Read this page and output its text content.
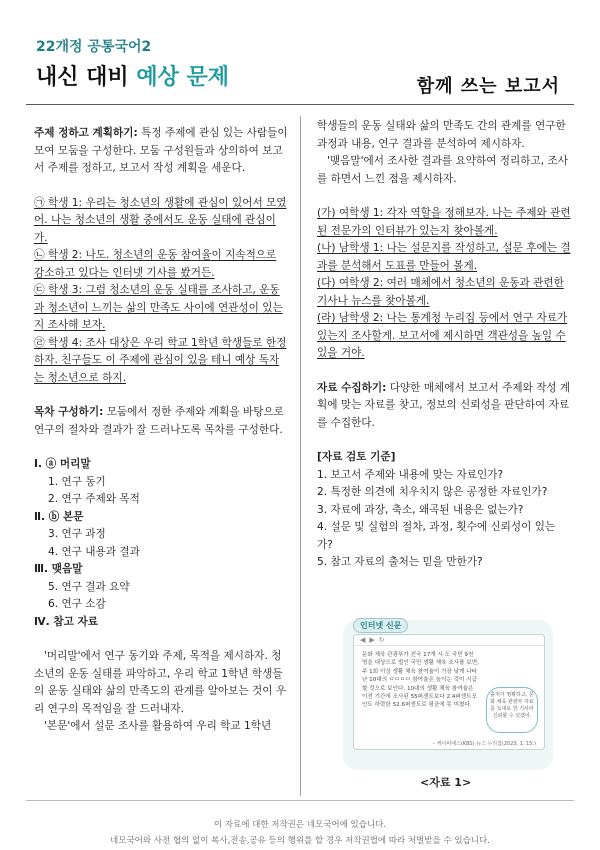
22개정 공통국어2
내신 대비 예상 문제	함께 쓰는 보고서

주제 정하고 계획하기: 특정 주제에 관심 있는 사람들이 모여 모둠을 구성한다. 모둠 구성원들과 상의하여 보고서 주제를 정하고, 보고서 작성 계획을 세운다.

㉠ 학생 1: 우리는 청소년의 생활에 관심이 있어서 모였어. 나는 청소년의 생활 중에서도 운동 실태에 관심이 가.

㉡ 학생 2: 나도. 청소년의 운동 참여율이 지속적으로 감소하고 있다는 인터넷 기사를 봤거든.

㉢ 학생 3: 그럼 청소년의 운동 실태를 조사하고, 운동과 청소년이 느끼는 삶의 만족도 사이에 연관성이 있는지 조사해 보자.

㉣ 학생 4: 조사 대상은 우리 학교 1학년 학생들로 한정하자. 친구들도 이 주제에 관심이 있을 테니 예상 독자는 청소년으로 하지.

목차 구성하기: 모둠에서 정한 주제와 계획을 바탕으로 연구의 절차와 결과가 잘 드러나도록 목차를 구성한다.

Ⅰ. ⓐ 머리말

1. 연구 동기

2. 연구 주제와 목적

Ⅱ. ⓑ 본문

3. 연구 과정

4. 연구 내용과 결과

Ⅲ. 맺음말

5. 연구 결과 요약

6. 연구 소감

Ⅳ. 참고 자료

'머리말'에서 연구 동기와 주제, 목적을 제시하자. 청소년의 운동 실태를 파악하고, 우리 학교 1학년 학생들의 운동 실태와 삶의 만족도의 관계를 알아보는 것이 우리 연구의 목적임을 잘 드러내자.

'본문'에서 설문 조사를 활용하여 우리 학교 1학년

학생들의 운동 실태와 삶의 만족도 간의 관계를 연구한 과정과 내용, 연구 결과를 분석하여 제시하자.

'맺음말'에서 조사한 결과를 요약하여 정리하고, 조사를 하면서 느낀 점을 제시하자.

(가) 여학생 1: 각자 역할을 정해보자. 나는 주제와 관련된 전문가의 인터뷰가 있는지 찾아볼게.

(나) 남학생 1: 나는 설문지를 작성하고, 설문 후에는 결과를 분석해서 도표를 만들어 볼게.

(다) 여학생 2: 여러 매체에서 청소년의 운동과 관련한 기사나 뉴스를 찾아볼게.

(라) 남학생 2: 나는 통계청 누리집 등에서 연구 자료가 있는지 조사할게. 보고서에 제시하면 객관성을 높일 수 있을 거야.

자료 수집하기: 다양한 매체에서 보고서 주제와 작성 계획에 맞는 자료를 찾고, 정보의 신뢰성을 판단하여 자료를 수집한다.

[자료 검토 기준]

1. 보고서 주제와 내용에 맞는 자료인가?

2. 특정한 의견에 치우치지 않은 공정한 자료인가?

3. 자료에 과장, 축소, 왜곡된 내용은 없는가?

4. 설문 및 실험의 절차, 과정, 횟수에 신뢰성이 있는가?

5. 참고 자료의 출처는 믿을 만한가?

인터넷 신문
◀ ▶ ↻
문화 체육 관광부가 전국 17개 시·도 국민 9천 명을 대상으로 벌인 국민 생활 체육 조사를 보면, 주 1회 이상 생활 체육 참여율이 가장 낮게 나타난 10대의 ㅁㅁㅁㅁ 참여율은 높이는 것이 시급할 것으로 보인다. 10대의 생활 체육 참여율은 이전 기간에 조사된 55퍼센트보다 2.4퍼센트포인트 하락한 52.6퍼센트로 평균에 못 미쳤다.
출처가 명확하고, 문화 체육 관광부 자료를 토대로 한 기사라 신뢰할 수 있겠어.
– 케이비에스(KBS) 뉴스 누리집(2023. 1. 15.)
<자료 1>
이 자료에 대한 저작권은 네모국어에 있습니다.
네모국어와 사전 협의 없이 복사,전송,공유 등의 행위를 할 경우 저작권법에 따라 처벌받을 수 있습니다.
